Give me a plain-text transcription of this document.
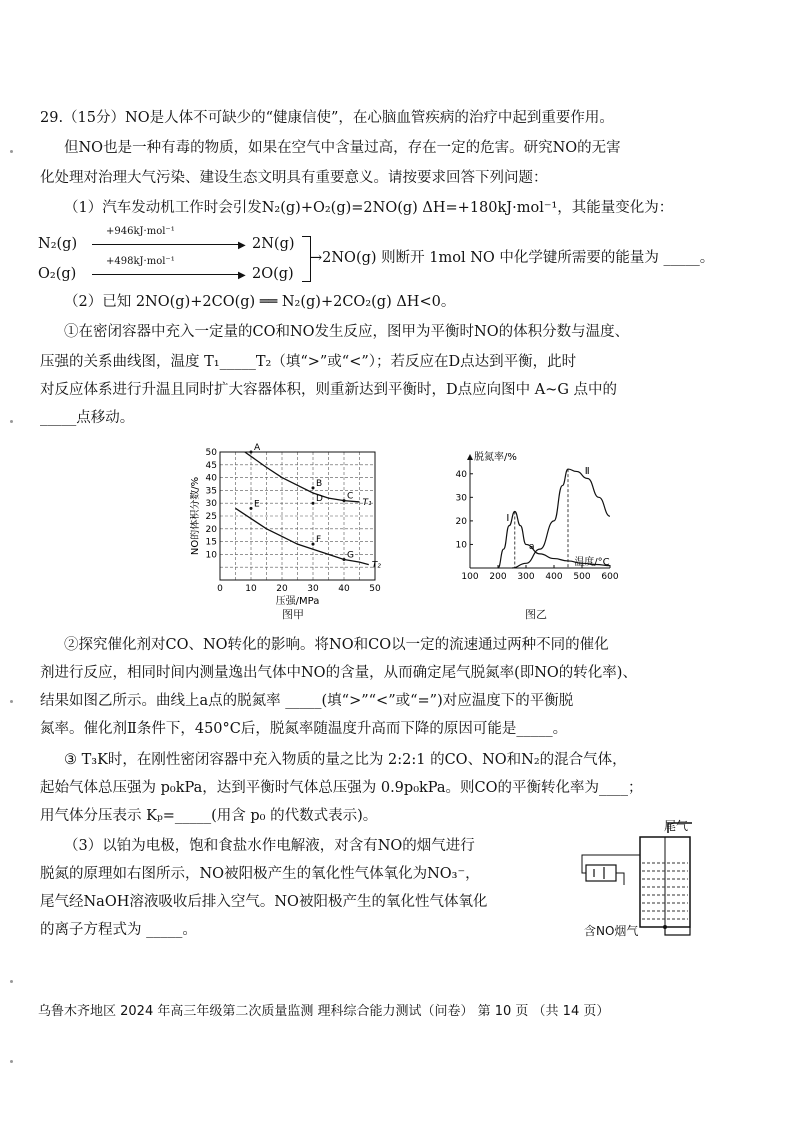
29.（15分）NO是人体不可缺少的“健康信使”，在心脑血管疾病的治疗中起到重要作用。
但NO也是一种有毒的物质，如果在空气中含量过高，存在一定的危害。研究NO的无害
化处理对治理大气污染、建设生态文明具有重要意义。请按要求回答下列问题：
（1）汽车发动机工作时会引发N₂(g)+O₂(g)=2NO(g) ΔH=+180kJ·mol⁻¹，其能量变化为：
N₂(g)
+946kJ·mol⁻¹
▶ 2N(g)
O₂(g)
+498kJ·mol⁻¹
▶ 2O(g)
→2NO(g) 则断开 1mol NO 中化学键所需要的能量为 _____。
（2）已知 2NO(g)+2CO(g) ══ N₂(g)+2CO₂(g) ΔH<0。
①在密闭容器中充入一定量的CO和NO发生反应，图甲为平衡时NO的体积分数与温度、
压强的关系曲线图，温度 T₁_____T₂（填“>”或“<”）；若反应在D点达到平衡，此时
对反应体系进行升温且同时扩大容器体积，则重新达到平衡时，D点应向图中 A~G 点中的
_____点移动。
0 10 20 30 40 50
10
15
20
25
30
35
40
45
50
压强/MPa
NO的体积分数/%	T₁
T₂
A
B
C
D
E
F
G
图甲
100 200 300 400 500 600
10
20
30
40
脱氮率/%
温度/°C
Ⅰ
Ⅱ
a
图乙
②探究催化剂对CO、NO转化的影响。将NO和CO以一定的流速通过两种不同的催化
剂进行反应，相同时间内测量逸出气体中NO的含量，从而确定尾气脱氮率(即NO的转化率)、
结果如图乙所示。曲线上a点的脱氮率 _____(填“>”“<”或“=”)对应温度下的平衡脱
氮率。催化剂Ⅱ条件下，450°C后，脱氮率随温度升高而下降的原因可能是_____。
③ T₃K时，在刚性密闭容器中充入物质的量之比为 2:2:1 的CO、NO和N₂的混合气体，
起始气体总压强为 p₀kPa，达到平衡时气体总压强为 0.9p₀kPa。则CO的平衡转化率为____；
用气体分压表示 Kₚ=_____(用含 p₀ 的代数式表示)。
（3）以铂为电极，饱和食盐水作电解液，对含有NO的烟气进行
脱氮的原理如右图所示，NO被阳极产生的氧化性气体氧化为NO₃⁻，
尾气经NaOH溶液吸收后排入空气。NO被阳极产生的氧化性气体氧化
的离子方程式为 _____。
尾气
含NO烟气
乌鲁木齐地区 2024 年高三年级第二次质量监测 理科综合能力测试（问卷） 第 10 页 （共 14 页）
